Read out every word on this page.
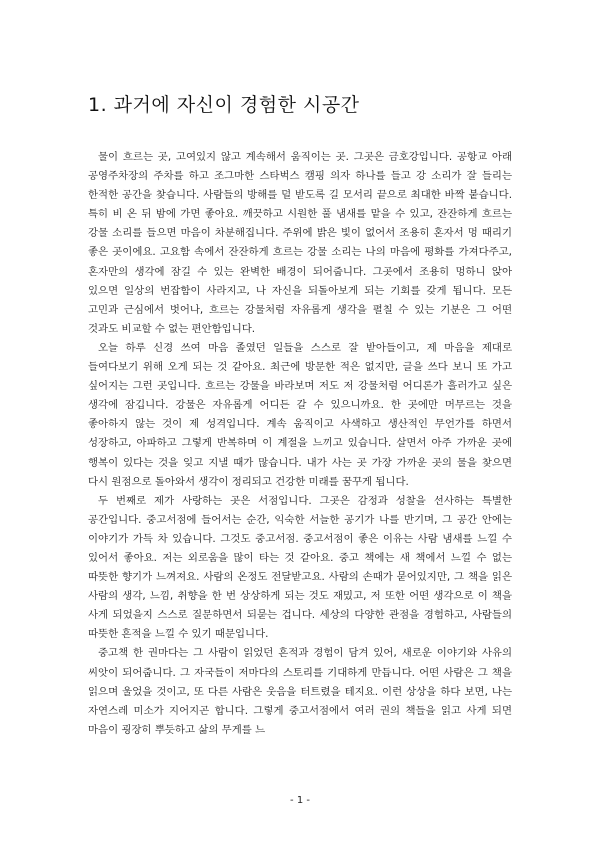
1. 과거에 자신이 경험한 시공간

물이 흐르는 곳, 고여있지 않고 계속해서 움직이는 곳. 그곳은 금호강입니다. 공항교 아래 공영주차장의 주차를 하고 조그마한 스타벅스 캠핑 의자 하나를 들고 강 소리가 잘 들리는 한적한 공간을 찾습니다. 사람들의 방해를 덜 받도록 길 모서리 끝으로 최대한 바짝 붙습니다. 특히 비 온 뒤 밤에 가면 좋아요. 깨끗하고 시원한 풀 냄새를 맡을 수 있고, 잔잔하게 흐르는 강물 소리를 들으면 마음이 차분해집니다. 주위에 밝은 빛이 없어서 조용히 혼자서 멍 때리기 좋은 곳이에요. 고요함 속에서 잔잔하게 흐르는 강물 소리는 나의 마음에 평화를 가져다주고, 혼자만의 생각에 잠길 수 있는 완벽한 배경이 되어줍니다. 그곳에서 조용히 멍하니 앉아 있으면 일상의 번잡함이 사라지고, 나 자신을 되돌아보게 되는 기회를 갖게 됩니다. 모든 고민과 근심에서 벗어나, 흐르는 강물처럼 자유롭게 생각을 펼칠 수 있는 기분은 그 어떤 것과도 비교할 수 없는 편안함입니다.

오늘 하루 신경 쓰여 마음 졸였던 일들을 스스로 잘 받아들이고, 제 마음을 제대로 들여다보기 위해 오게 되는 것 같아요. 최근에 방문한 적은 없지만, 글을 쓰다 보니 또 가고 싶어지는 그런 곳입니다. 흐르는 강물을 바라보며 저도 저 강물처럼 어디론가 흘러가고 싶은 생각에 잠깁니다. 강물은 자유롭게 어디든 갈 수 있으니까요. 한 곳에만 머무르는 것을 좋아하지 않는 것이 제 성격입니다. 계속 움직이고 사색하고 생산적인 무언가를 하면서 성장하고, 아파하고 그렇게 반복하며 이 계절을 느끼고 있습니다. 살면서 아주 가까운 곳에 행복이 있다는 것을 잊고 지낼 때가 많습니다. 내가 사는 곳 가장 가까운 곳의 물을 찾으면 다시 원점으로 돌아와서 생각이 정리되고 건강한 미래를 꿈꾸게 됩니다.

두 번째로 제가 사랑하는 곳은 서점입니다. 그곳은 감정과 성찰을 선사하는 특별한 공간입니다. 중고서점에 들어서는 순간, 익숙한 서늘한 공기가 나를 반기며, 그 공간 안에는 이야기가 가득 차 있습니다. 그것도 중고서점. 중고서점이 좋은 이유는 사람 냄새를 느낄 수 있어서 좋아요. 저는 외로움을 많이 타는 것 같아요. 중고 책에는 새 책에서 느낄 수 없는 따뜻한 향기가 느껴져요. 사람의 온정도 전달받고요. 사람의 손때가 묻어있지만, 그 책을 읽은 사람의 생각, 느낌, 취향을 한 번 상상하게 되는 것도 재밌고, 저 또한 어떤 생각으로 이 책을 사게 되었을지 스스로 질문하면서 되묻는 겁니다. 세상의 다양한 관점을 경험하고, 사람들의 따뜻한 흔적을 느낄 수 있기 때문입니다.

중고책 한 권마다는 그 사람이 읽었던 흔적과 경험이 담겨 있어, 새로운 이야기와 사유의 씨앗이 되어줍니다. 그 자국들이 저마다의 스토리를 기대하게 만듭니다. 어떤 사람은 그 책을 읽으며 울었을 것이고, 또 다른 사람은 웃음을 터트렸을 테지요. 이런 상상을 하다 보면, 나는 자연스레 미소가 지어지곤 합니다. 그렇게 중고서점에서 여러 권의 책들을 읽고 사게 되면 마음이 굉장히 뿌듯하고 삶의 무게를 느

- 1 -
